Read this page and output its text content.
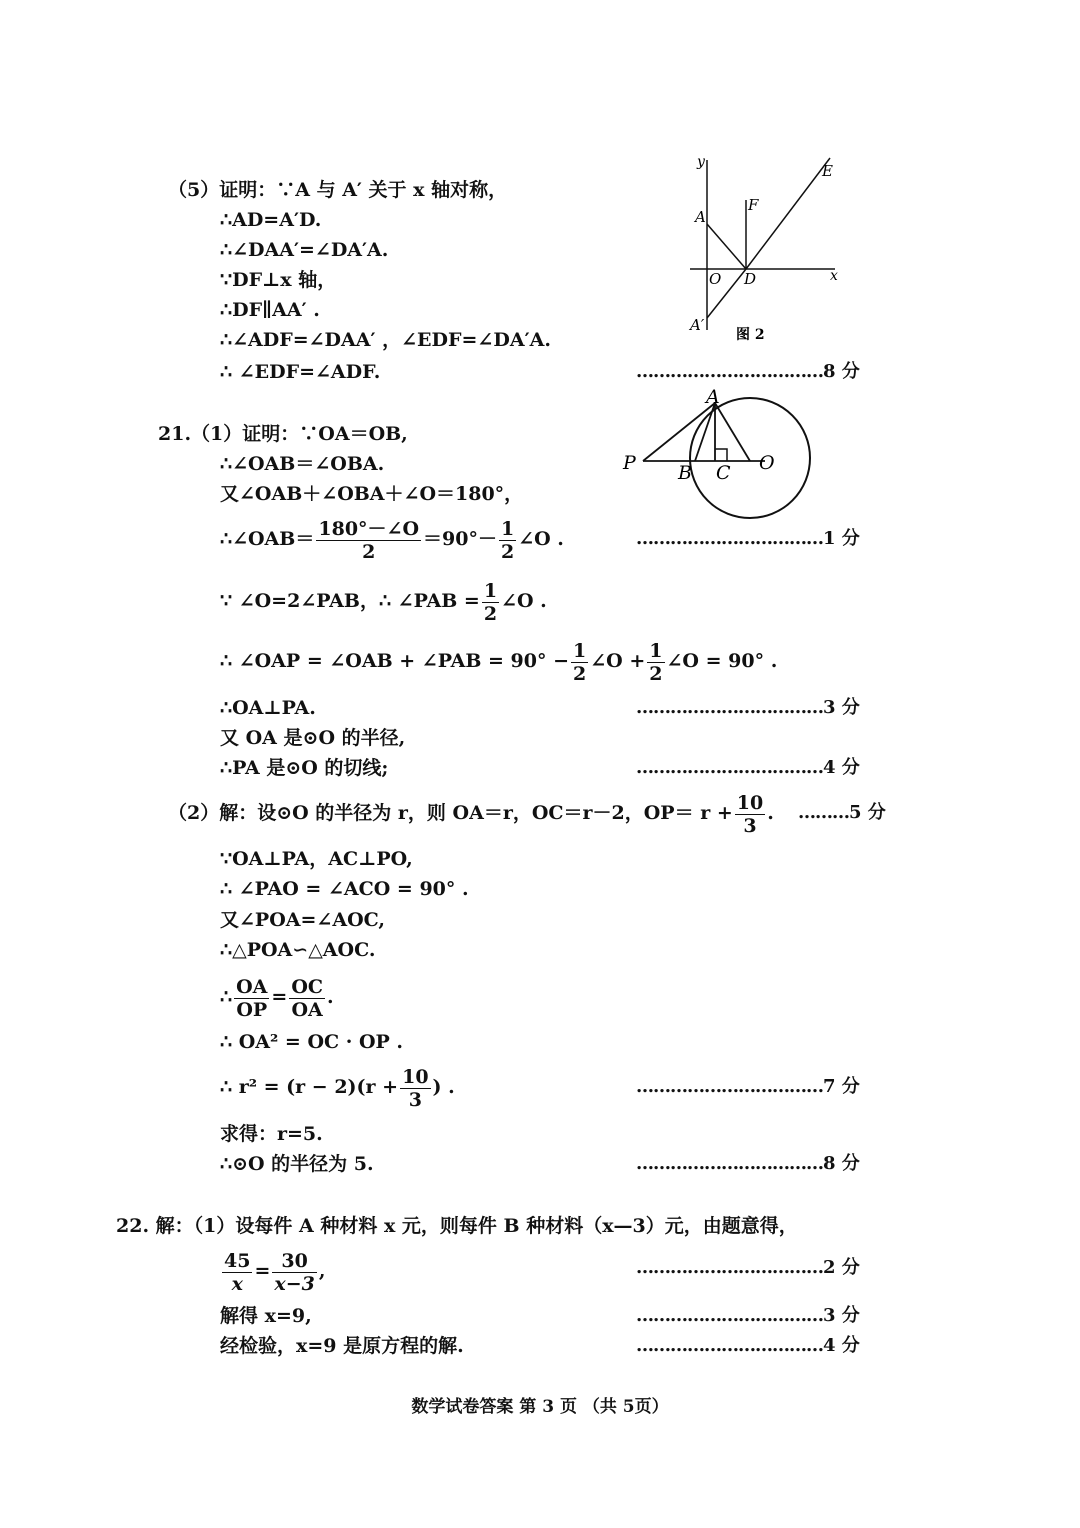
（5）证明：∵A 与 A′ 关于 x 轴对称，
∴AD=A′D.
∴∠DAA′=∠DA′A.
∵DF⊥x 轴，
∴DF∥AA′ .
∴∠ADF=∠DAA′ ，∠EDF=∠DA′A.
∴ ∠EDF=∠ADF.	……………………………8 分
y
x
A
F
E
O D
A′
图 2
21.（1）证明：∵OA＝OB,
∴∠OAB＝∠OBA.
又∠OAB＋∠OBA＋∠O＝180°，
∴∠OAB＝ $\frac{180^\circ-\angle O}{2} =90^\circ- \frac{1}{2}$ ∠O .	……………………………1 分
∵ ∠O=2∠PAB，∴ ∠PAB = $\frac{1}{2}$ ∠O .
∴ ∠OAP = ∠OAB + ∠PAB = $90^\circ - \frac{1}{2}$ ∠O + $\frac{1}{2}$ ∠O = 90° .
∴OA⊥PA.	……………………………3 分
又 OA 是⊙O 的半径,
∴PA 是⊙O 的切线;	……………………………4 分
A
P B C O
（2）解：设⊙O 的半径为 r，则 OA＝r，OC＝r－2，$OP= r + \frac{10}{3}$ . ………5 分
∵OA⊥PA，AC⊥PO,
∴ ∠PAO = ∠ACO = 90° .
又∠POA=∠AOC,
∴△POA∽△AOC.
∴ $\frac{OA}{OP} = \frac{OC}{OA}$ .
∴ OA² = OC · OP .
∴ $r^2 = (r - 2)(r + \frac{10}{3}$ ) .	……………………………7 分
求得：r=5.
∴⊙O 的半径为 5.	……………………………8 分
22. 解：（1）设每件 A 种材料 x 元，则每件 B 种材料（x—3）元，由题意得，
$\frac{45}{x} = \frac{30}{x-3}$ ,	……………………………2 分
解得 x=9,	……………………………3 分
经检验，x=9 是原方程的解.	……………………………4 分
数学试卷答案 第 3 页 （共 5页）
